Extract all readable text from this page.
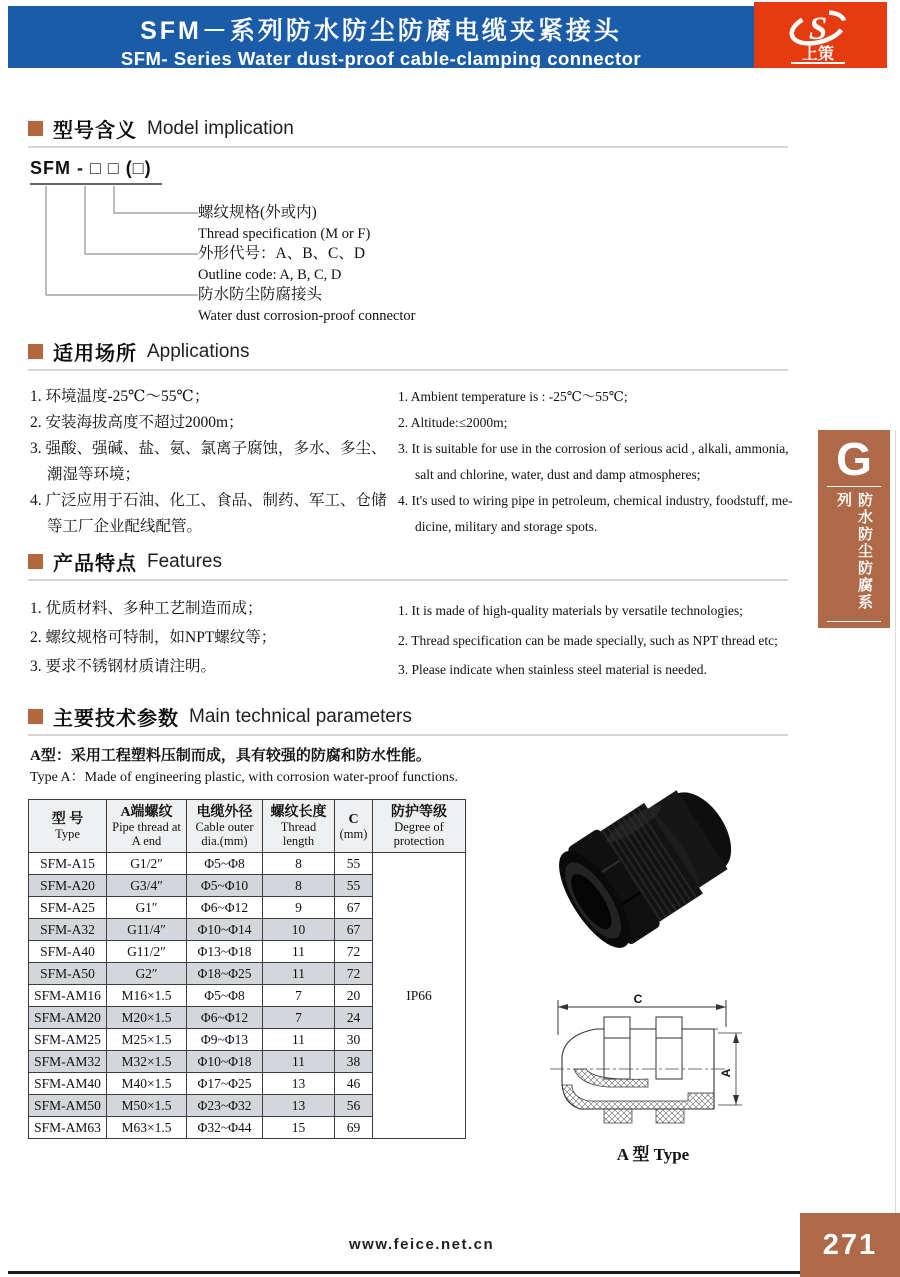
SFM－系列防水防尘防腐电缆夹紧接头
SFM- Series Water dust-proof cable-clamping connector
S
上策
型号含义 Model implication
SFM - □ □ (□)
螺纹规格(外或内)
Thread specification (M or F)
外形代号：A、B、C、D
Outline code: A, B, C, D
防水防尘防腐接头
Water dust corrosion-proof connector
适用场所 Applications
1. 环境温度-25℃～55℃；
2. 安装海拔高度不超过2000m；
3. 强酸、强碱、盐、氨、氯离子腐蚀，多水、多尘、潮湿等环境；
4. 广泛应用于石油、化工、食品、制药、军工、仓储等工厂企业配线配管。
1. Ambient temperature is : -25℃～55℃;
2. Altitude:≤2000m;
3. It is suitable for use in the corrosion of serious acid , alkali, ammonia, salt and chlorine, water, dust and damp atmospheres;
4. It's used to wiring pipe in petroleum, chemical industry, foodstuff, me-dicine, military and storage spots.
产品特点 Features
1. 优质材料、多种工艺制造而成；
2. 螺纹规格可特制，如NPT螺纹等；
3. 要求不锈钢材质请注明。
1. It is made of high-quality materials by versatile technologies;
2. Thread specification can be made specially, such as NPT thread etc;
3. Please indicate when stainless steel material is needed.
主要技术参数 Main technical parameters
A型：采用工程塑料压制而成，具有较强的防腐和防水性能。
Type A：Made of engineering plastic, with corrosion water-proof functions.
型 号
Type

A端螺纹
Pipe thread at A end

电缆外径
Cable outer dia.(mm)

螺纹长度
Thread length

C
(mm)

防护等级
Degree of protection

SFM-A15	G1/2″	Φ5~Φ8	8	55	IP66
SFM-A20	G3/4″	Φ5~Φ10	8	55	
SFM-A25	G1″	Φ6~Φ12	9	67	
SFM-A32	G11/4″	Φ10~Φ14	10	67	
SFM-A40	G11/2″	Φ13~Φ18	11	72	
SFM-A50	G2″	Φ18~Φ25	11	72	
SFM-AM16	M16×1.5	Φ5~Φ8	7	20	
SFM-AM20	M20×1.5	Φ6~Φ12	7	24	
SFM-AM25	M25×1.5	Φ9~Φ13	11	30	
SFM-AM32	M32×1.5	Φ10~Φ18	11	38	
SFM-AM40	M40×1.5	Φ17~Φ25	13	46	
SFM-AM50	M50×1.5	Φ23~Φ32	13	56	
SFM-AM63	M63×1.5	Φ32~Φ44	15	69	
C
A
A 型 Type
G
防水防尘防腐系列
www.feice.net.cn	271
